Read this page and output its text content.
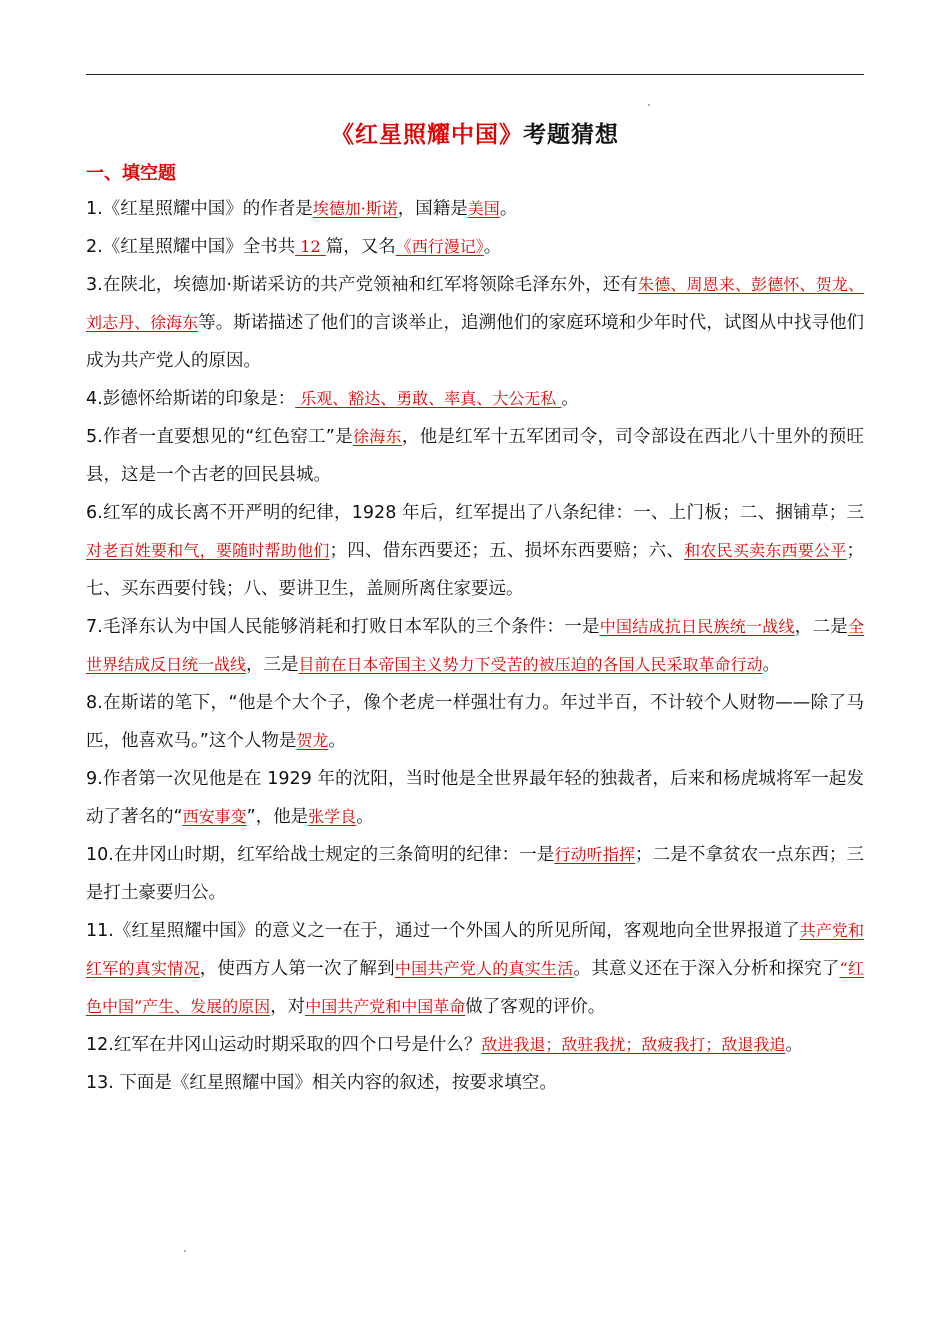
《红星照耀中国》考题猜想
一、填空题

1.《红星照耀中国》的作者是埃德加·斯诺，国籍是美国。

2.《红星照耀中国》全书共 12 篇，又名《西行漫记》。

3.在陕北，埃德加·斯诺采访的共产党领袖和红军将领除毛泽东外，还有朱德、周恩来、彭德怀、贺龙、刘志丹、徐海东等。斯诺描述了他们的言谈举止，追溯他们的家庭环境和少年时代，试图从中找寻他们成为共产党人的原因。

4.彭德怀给斯诺的印象是： 乐观、豁达、勇敢、率真、大公无私 。

5.作者一直要想见的“红色窑工”是徐海东，他是红军十五军团司令，司令部设在西北八十里外的预旺县，这是一个古老的回民县城。

6.红军的成长离不开严明的纪律，1928 年后，红军提出了八条纪律：一、上门板；二、捆铺草；三对老百姓要和气，要随时帮助他们；四、借东西要还；五、损坏东西要赔；六、和农民买卖东西要公平；七、买东西要付钱；八、要讲卫生，盖厕所离住家要远。

7.毛泽东认为中国人民能够消耗和打败日本军队的三个条件：一是中国结成抗日民族统一战线，二是全世界结成反日统一战线，三是目前在日本帝国主义势力下受苦的被压迫的各国人民采取革命行动。

8.在斯诺的笔下，“他是个大个子，像个老虎一样强壮有力。年过半百，不计较个人财物——除了马匹，他喜欢马。”这个人物是贺龙。

9.作者第一次见他是在 1929 年的沈阳，当时他是全世界最年轻的独裁者，后来和杨虎城将军一起发动了著名的“西安事变”，他是张学良。

10.在井冈山时期，红军给战士规定的三条简明的纪律：一是行动听指挥；二是不拿贫农一点东西；三是打土豪要归公。

11.《红星照耀中国》的意义之一在于，通过一个外国人的所见所闻，客观地向全世界报道了共产党和红军的真实情况，使西方人第一次了解到中国共产党人的真实生活。其意义还在于深入分析和探究了“红色中国”产生、发展的原因，对中国共产党和中国革命做了客观的评价。

12.红军在井冈山运动时期采取的四个口号是什么？敌进我退；敌驻我扰；敌疲我打；敌退我追。

13. 下面是《红星照耀中国》相关内容的叙述，按要求填空。
